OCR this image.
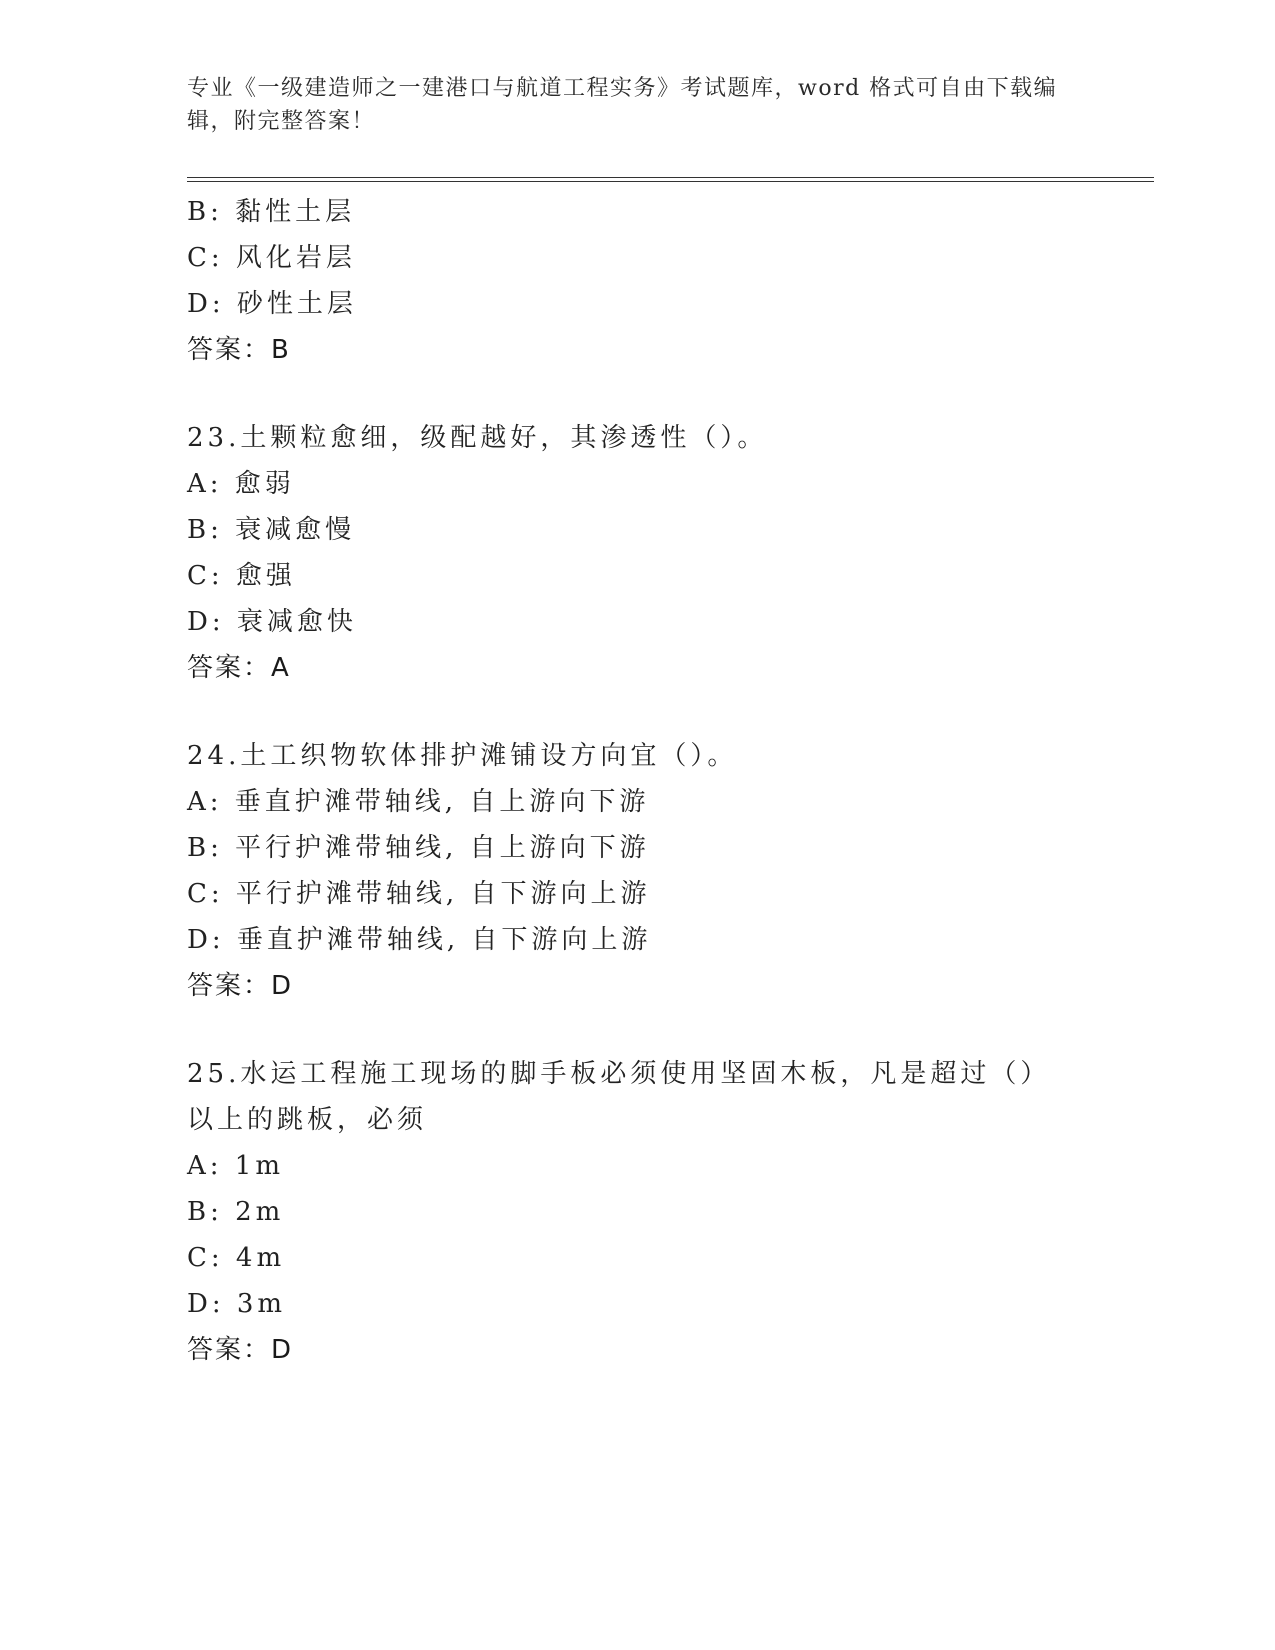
专业《一级建造师之一建港口与航道工程实务》考试题库，word 格式可自由下载编辑，附完整答案！
B: 黏性土层
C: 风化岩层
D: 砂性土层
答案：B
23.土颗粒愈细，级配越好，其渗透性（）。
A: 愈弱
B: 衰减愈慢
C: 愈强
D: 衰减愈快
答案：A
24.土工织物软体排护滩铺设方向宜（）。
A: 垂直护滩带轴线, 自上游向下游
B: 平行护滩带轴线, 自上游向下游
C: 平行护滩带轴线, 自下游向上游
D: 垂直护滩带轴线, 自下游向上游
答案：D
25.水运工程施工现场的脚手板必须使用坚固木板，凡是超过（）以上的跳板，必须
A: 1m
B: 2m
C: 4m
D: 3m
答案：D
